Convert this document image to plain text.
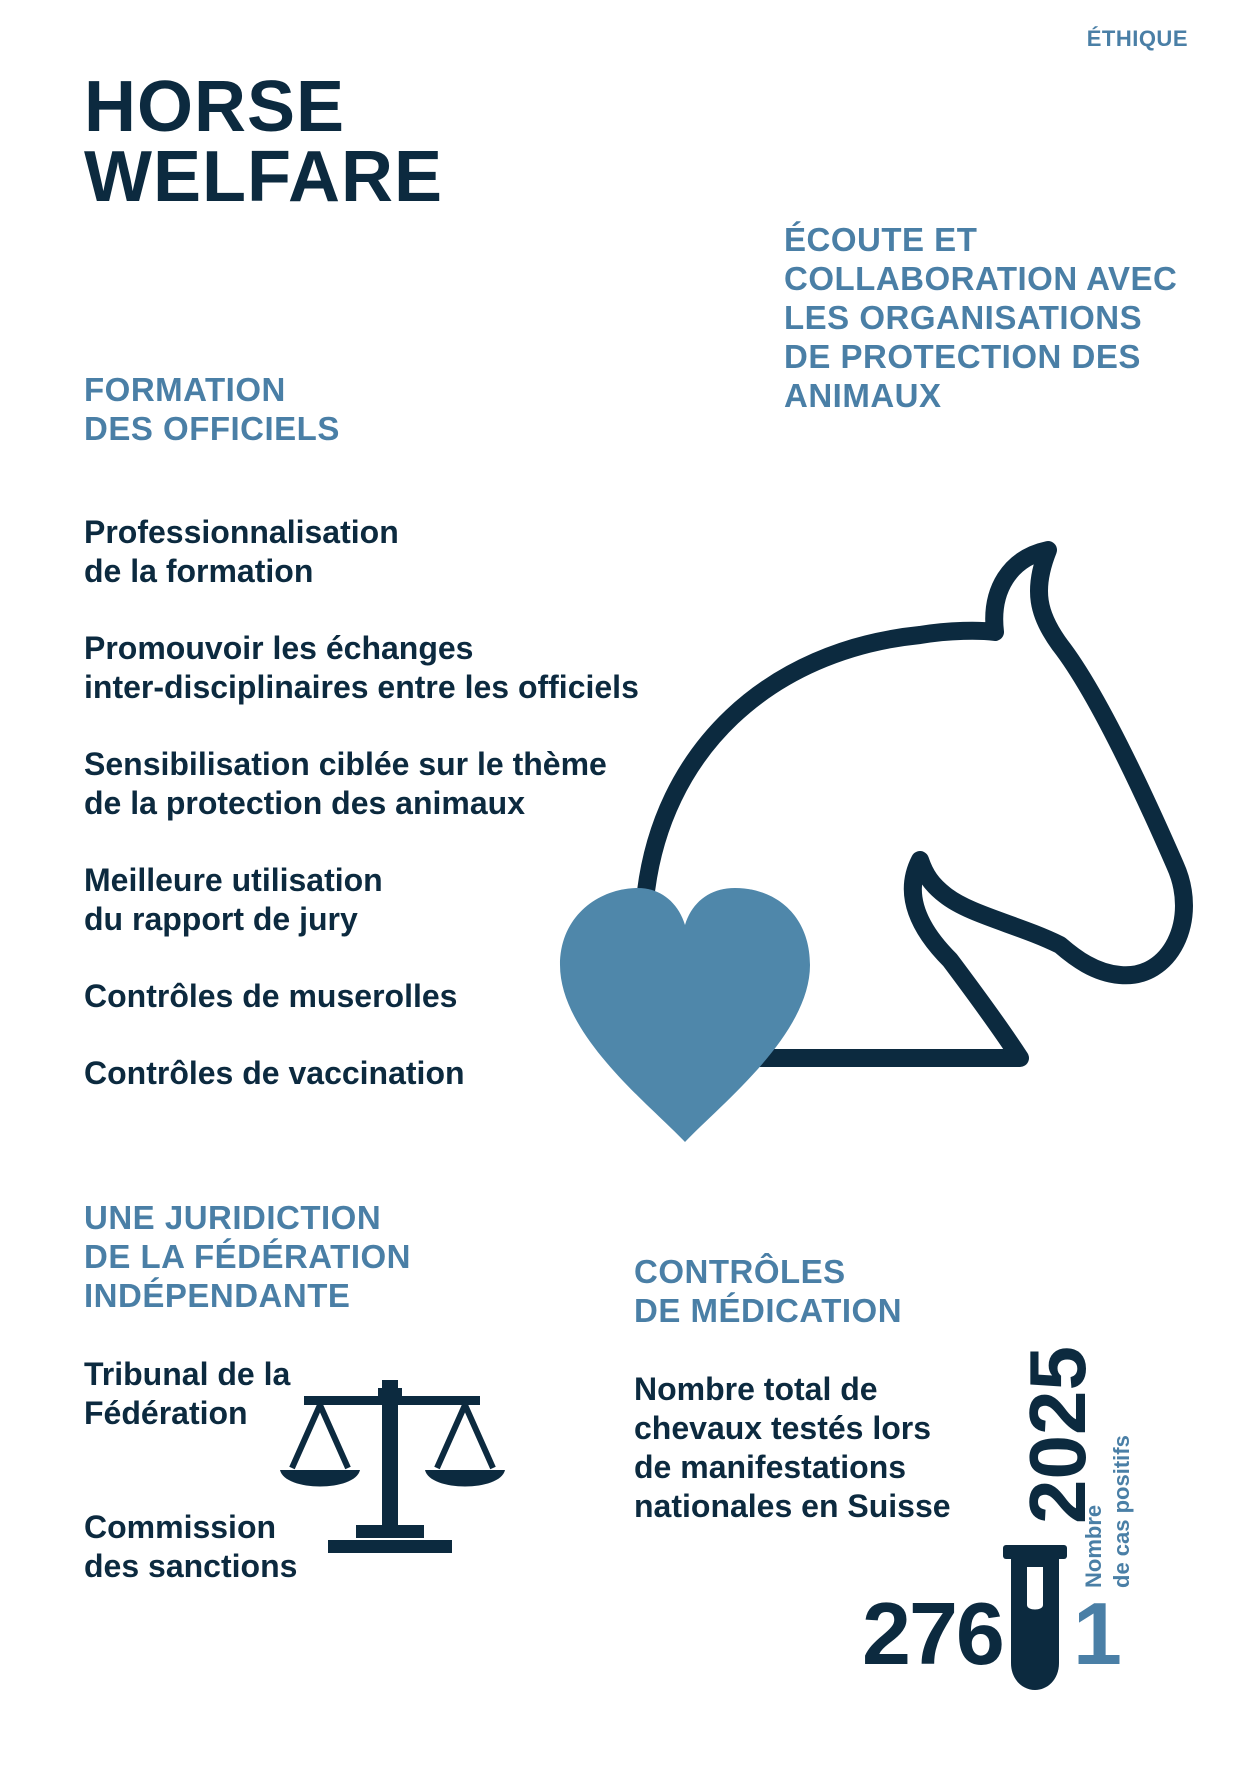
ÉTHIQUE
HORSE
WELFARE
ÉCOUTE ET
COLLABORATION AVEC
LES ORGANISATIONS
DE PROTECTION DES
ANIMAUX
FORMATION
DES OFFICIELS
Professionnalisation
de la formation
Promouvoir les échanges
inter-disciplinaires entre les officiels
Sensibilisation ciblée sur le thème
de la protection des animaux
Meilleure utilisation
du rapport de jury
Contrôles de muserolles
Contrôles de vaccination
UNE JURIDICTION
DE LA FÉDÉRATION
INDÉPENDANTE
Tribunal de la
Fédération
Commission
des sanctions
CONTRÔLES
DE MÉDICATION
Nombre total de
chevaux testés lors
de manifestations
nationales en Suisse 2025
Nombre de cas positifs
276 1
